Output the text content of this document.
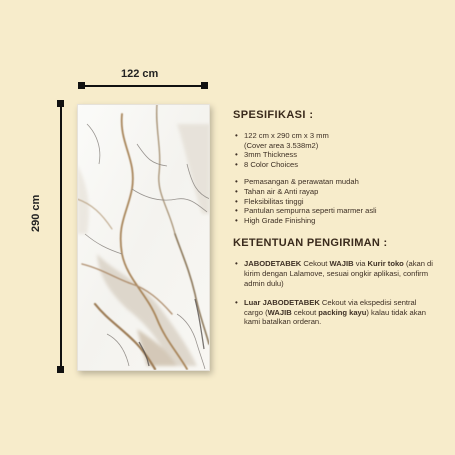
122 cm
290 cm
SPESIFIKASI :
• 122 cm x 290 cm x 3 mm
(Cover area 3.538m2)
• 3mm Thickness
• 8 Color Choices
• Pemasangan & perawatan mudah
• Tahan air & Anti rayap
• Fleksibilitas tinggi
• Pantulan sempurna seperti marmer asli
• High Grade Finishing
KETENTUAN PENGIRIMAN :
• JABODETABEK Cekout WAJIB via Kurir toko (akan di kirim dengan Lalamove, sesuai ongkir aplikasi, confirm admin dulu)
• Luar JABODETABEK Cekout via ekspedisi sentral cargo (WAJIB cekout packing kayu) kalau tidak akan kami batalkan orderan.
